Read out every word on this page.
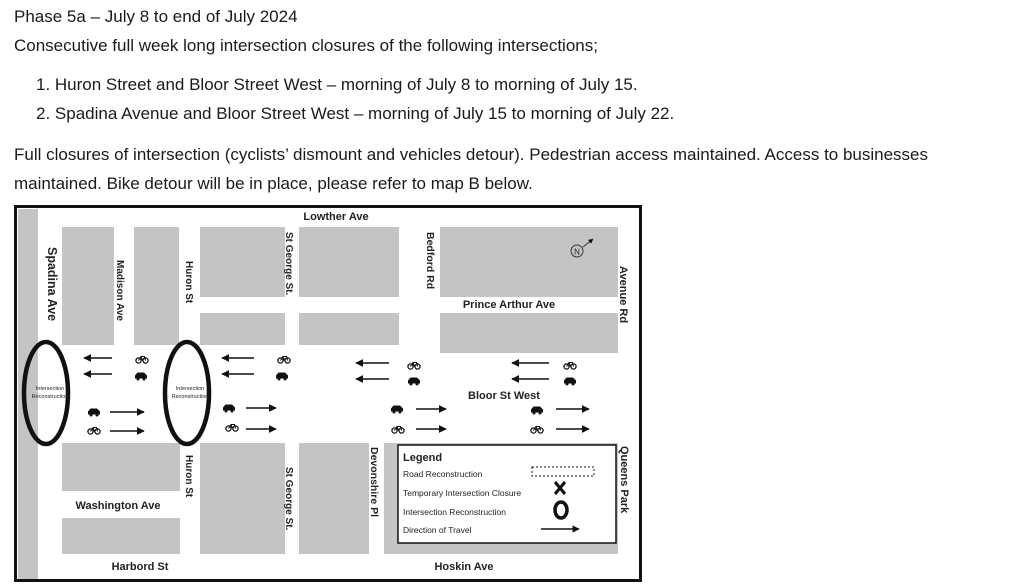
Phase 5a – July 8 to end of July 2024
Consecutive full week long intersection closures of the following intersections;
1. Huron Street and Bloor Street West – morning of July 8 to morning of July 15.
2. Spadina Avenue and Bloor Street West – morning of July 15 to morning of July 22.
Full closures of intersection (cyclists’ dismount and vehicles detour). Pedestrian access maintained. Access to businesses maintained. Bike detour will be in place, please refer to map B below.
Intersection
Reconstruction
Intersection
Reconstruction
N
Lowther Ave
Spadina Ave	Madison Ave	Huron St	St George St.	Bedford Rd
Prince Arthur Ave	Avenue Rd
Bloor St West
Huron St	St George St.	Devonshire Pl
Washington Ave	Queens Park
Harbord St	Hoskin Ave
Legend
Road Reconstruction
Temporary Intersection Closure
Intersection Reconstruction
Direction of Travel
